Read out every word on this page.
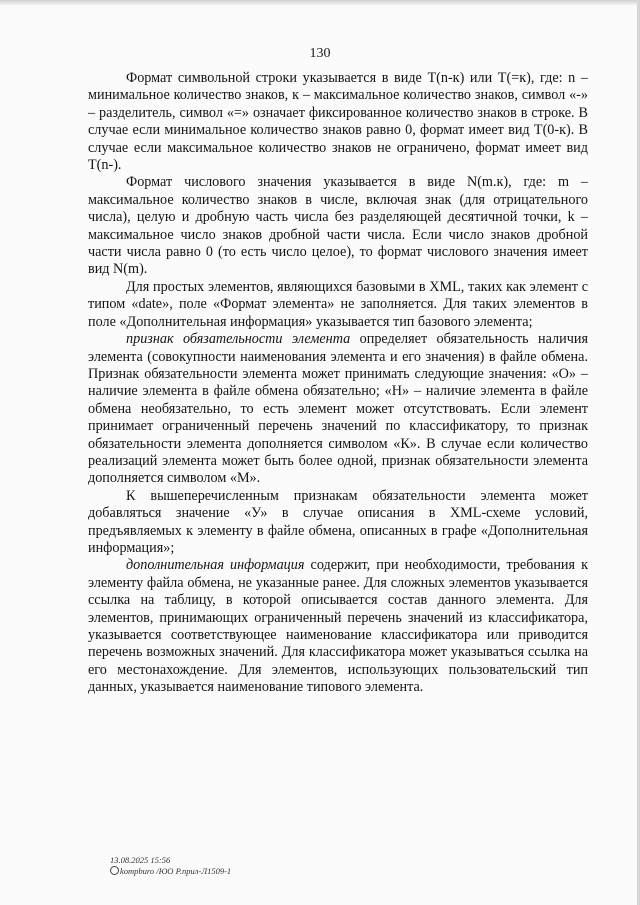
130

Формат символьной строки указывается в виде T(n-к) или T(=к), где: n – минимальное количество знаков, к – максимальное количество знаков, символ «-» – разделитель, символ «=» означает фиксированное количество знаков в строке. В случае если минимальное количество знаков равно 0, формат имеет вид T(0-к). В случае если максимальное количество знаков не ограничено, формат имеет вид T(n-).

Формат числового значения указывается в виде N(m.к), где: m – максимальное количество знаков в числе, включая знак (для отрицательного числа), целую и дробную часть числа без разделяющей десятичной точки, k – максимальное число знаков дробной части числа. Если число знаков дробной части числа равно 0 (то есть число целое), то формат числового значения имеет вид N(m).

Для простых элементов, являющихся базовыми в XML, таких как элемент с типом «date», поле «Формат элемента» не заполняется. Для таких элементов в поле «Дополнительная информация» указывается тип базового элемента;

признак обязательности элемента определяет обязательность наличия элемента (совокупности наименования элемента и его значения) в файле обмена. Признак обязательности элемента может принимать следующие значения: «О» – наличие элемента в файле обмена обязательно; «Н» – наличие элемента в файле обмена необязательно, то есть элемент может отсутствовать. Если элемент принимает ограниченный перечень значений по классификатору, то признак обязательности элемента дополняется символом «К». В случае если количество реализаций элемента может быть более одной, признак обязательности элемента дополняется символом «М».

К вышеперечисленным признакам обязательности элемента может добавляться значение «У» в случае описания в XML-схеме условий, предъявляемых к элементу в файле обмена, описанных в графе «Дополнительная информация»;

дополнительная информация содержит, при необходимости, требования к элементу файла обмена, не указанные ранее. Для сложных элементов указывается ссылка на таблицу, в которой описывается состав данного элемента. Для элементов, принимающих ограниченный перечень значений из классификатора, указывается соответствующее наименование классификатора или приводится перечень возможных значений. Для классификатора может указываться ссылка на его местонахождение. Для элементов, использующих пользовательский тип данных, указывается наименование типового элемента.

13.08.2025 15:56
kompburo /ЮО Р.прил-Л1509-1
